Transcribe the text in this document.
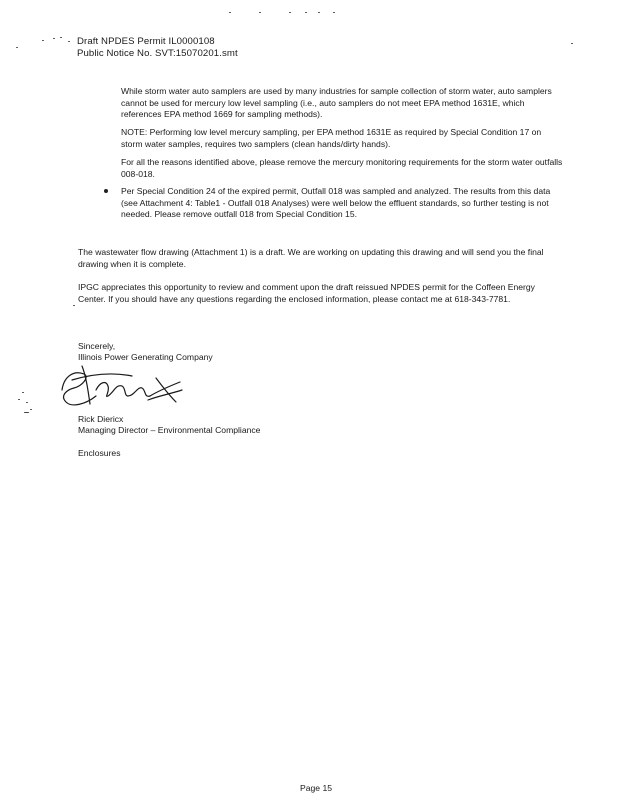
Draft NPDES Permit IL0000108
Public Notice No. SVT:15070201.smt
While storm water auto samplers are used by many industries for sample collection of storm water, auto samplers cannot be used for mercury low level sampling (i.e., auto samplers do not meet EPA method 1631E, which references EPA method 1669 for sampling methods).
NOTE: Performing low level mercury sampling, per EPA method 1631E as required by Special Condition 17 on storm water samples, requires two samplers (clean hands/dirty hands).
For all the reasons identified above, please remove the mercury monitoring requirements for the storm water outfalls 008-018.
Per Special Condition 24 of the expired permit, Outfall 018 was sampled and analyzed. The results from this data (see Attachment 4: Table1 - Outfall 018 Analyses) were well below the effluent standards, so further testing is not needed. Please remove outfall 018 from Special Condition 15.
The wastewater flow drawing (Attachment 1) is a draft. We are working on updating this drawing and will send you the final drawing when it is complete.
IPGC appreciates this opportunity to review and comment upon the draft reissued NPDES permit for the Coffeen Energy Center. If you should have any questions regarding the enclosed information, please contact me at 618-343-7781.
Sincerely,
Illinois Power Generating Company
Rick Diericx
Managing Director – Environmental Compliance
Enclosures
Page 15
